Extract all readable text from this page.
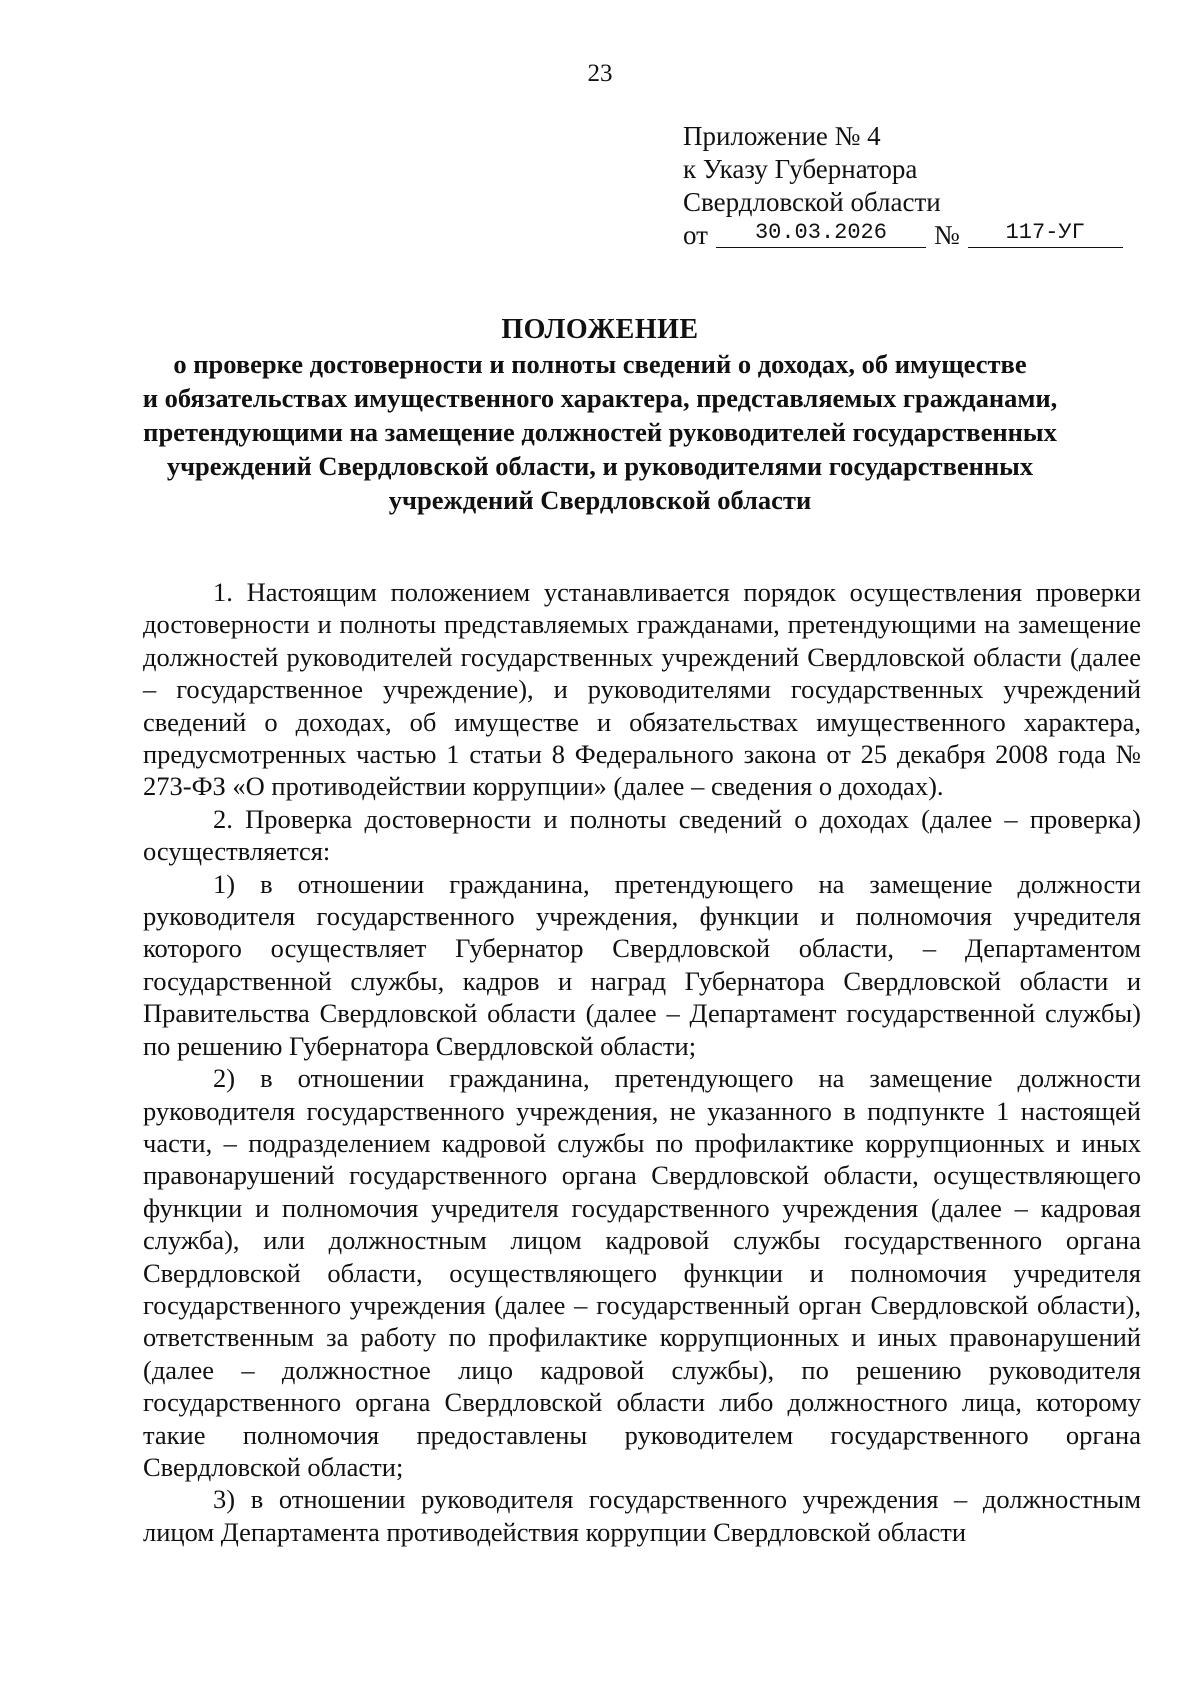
23
Приложение № 4
к Указу Губернатора
Свердловской области
от	30.03.2026	№	117-УГ
ПОЛОЖЕНИЕ
о проверке достоверности и полноты сведений о доходах, об имуществе
и обязательствах имущественного характера, представляемых гражданами,
претендующими на замещение должностей руководителей государственных
учреждений Свердловской области, и руководителями государственных
учреждений Свердловской области

1. Настоящим положением устанавливается порядок осуществления проверки достоверности и полноты представляемых гражданами, претендующими на замещение должностей руководителей государственных учреждений Свердловской области (далее – государственное учреждение), и руководителями государственных учреждений сведений о доходах, об имуществе и обязательствах имущественного характера, предусмотренных частью 1 статьи 8 Федерального закона от 25 декабря 2008 года № 273-ФЗ «О противодействии коррупции» (далее – сведения о доходах).

2. Проверка достоверности и полноты сведений о доходах (далее – проверка) осуществляется:

1) в отношении гражданина, претендующего на замещение должности руководителя государственного учреждения, функции и полномочия учредителя которого осуществляет Губернатор Свердловской области, – Департаментом государственной службы, кадров и наград Губернатора Свердловской области и Правительства Свердловской области (далее – Департамент государственной службы) по решению Губернатора Свердловской области;

2) в отношении гражданина, претендующего на замещение должности руководителя государственного учреждения, не указанного в подпункте 1 настоящей части, – подразделением кадровой службы по профилактике коррупционных и иных правонарушений государственного органа Свердловской области, осуществляющего функции и полномочия учредителя государственного учреждения (далее – кадровая служба), или должностным лицом кадровой службы государственного органа Свердловской области, осуществляющего функции и полномочия учредителя государственного учреждения (далее – государственный орган Свердловской области), ответственным за работу по профилактике коррупционных и иных правонарушений (далее – должностное лицо кадровой службы), по решению руководителя государственного органа Свердловской области либо должностного лица, которому такие полномочия предоставлены руководителем государственного органа Свердловской области;

3) в отношении руководителя государственного учреждения – должностным лицом Департамента противодействия коррупции Свердловской области
